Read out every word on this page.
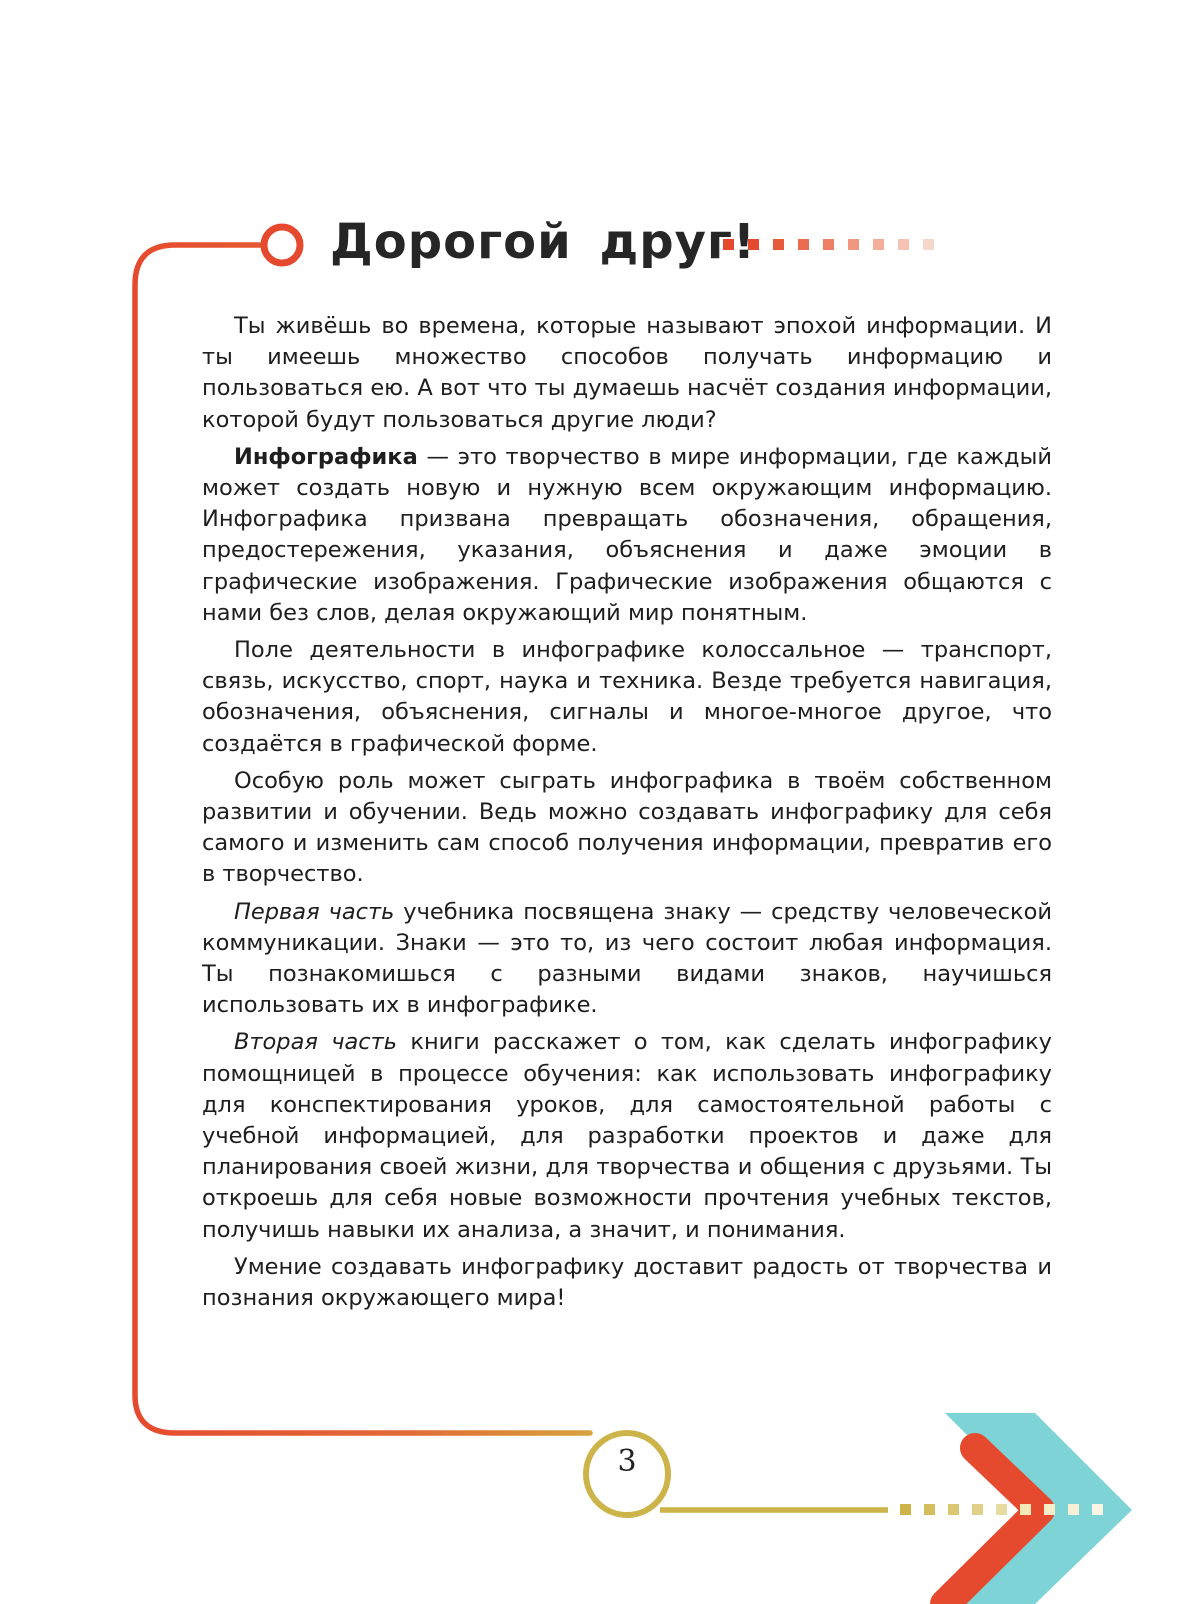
Дорогой друг!

Ты живёшь во времена, которые называют эпохой информации. И ты имеешь множество способов получать информацию и пользоваться ею. А вот что ты думаешь насчёт создания информации, которой будут пользоваться другие люди?

Инфографика — это творчество в мире информации, где каждый может создать новую и нужную всем окружающим информацию. Инфографика призвана превращать обозначения, обращения, предостережения, указания, объяснения и даже эмоции в графические изображения. Графические изображения общаются с нами без слов, делая окружающий мир понятным.

Поле деятельности в инфографике колоссальное — транспорт, связь, искусство, спорт, наука и техника. Везде требуется навигация, обозначения, объяснения, сигналы и многое-многое другое, что создаётся в графической форме.

Особую роль может сыграть инфографика в твоём собственном развитии и обучении. Ведь можно создавать инфографику для себя самого и изменить сам способ получения информации, превратив его в творчество.

Первая часть учебника посвящена знаку — средству человеческой коммуникации. Знаки — это то, из чего состоит любая информация. Ты познакомишься с разными видами знаков, научишься использовать их в инфографике.

Вторая часть книги расскажет о том, как сделать инфографику помощницей в процессе обучения: как использовать инфографику для конспектирования уроков, для самостоятельной работы с учебной информацией, для разработки проектов и даже для планирования своей жизни, для творчества и общения с друзьями. Ты откроешь для себя новые возможности прочтения учебных текстов, получишь навыки их анализа, а значит, и понимания.

Умение создавать инфографику доставит радость от творчества и познания окружающего мира!

3
